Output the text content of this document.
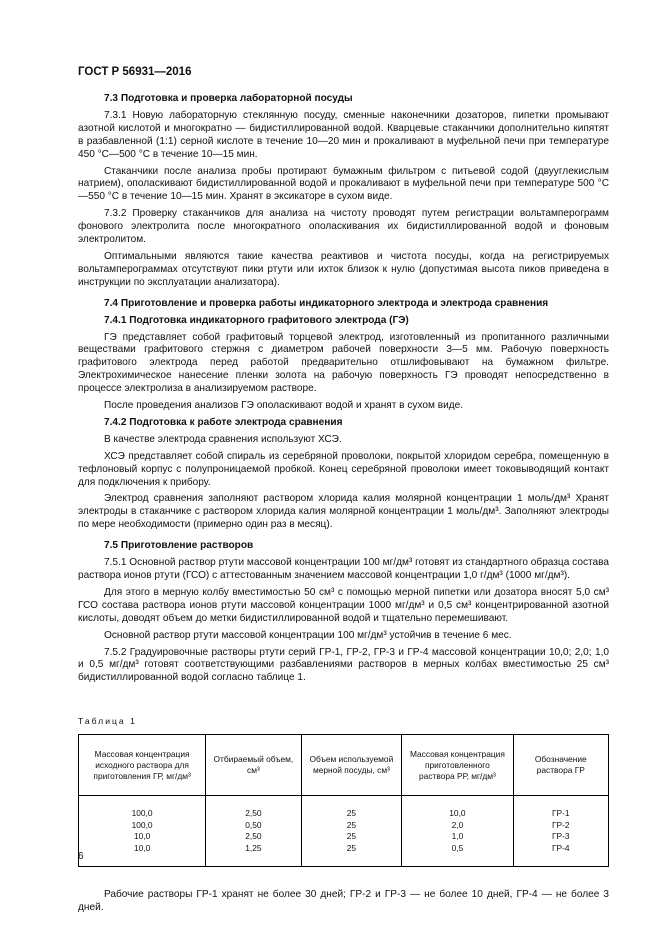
ГОСТ Р 56931—2016
7.3 Подготовка и проверка лабораторной посуды

7.3.1 Новую лабораторную стеклянную посуду, сменные наконечники дозаторов, пипетки промывают азотной кислотой и многократно — бидистиллированной водой. Кварцевые стаканчики дополнительно кипятят в разбавленной (1:1) серной кислоте в течение 10—20 мин и прокаливают в муфельной печи при температуре 450 °С—500 °С в течение 10—15 мин.

Стаканчики после анализа пробы протирают бумажным фильтром с питьевой содой (двууглекислым натрием), ополаскивают бидистиллированной водой и прокаливают в муфельной печи при температуре 500 °С—550 °С в течение 10—15 мин. Хранят в эксикаторе в сухом виде.

7.3.2 Проверку стаканчиков для анализа на чистоту проводят путем регистрации вольтамперограмм фонового электролита после многократного ополаскивания их бидистиллированной водой и фоновым электролитом.

Оптимальными являются такие качества реактивов и чистота посуды, когда на регистрируемых вольтамперограммах отсутствуют пики ртути или ихток близок к нулю (допустимая высота пиков приведена в инструкции по эксплуатации анализатора).

7.4 Приготовление и проверка работы индикаторного электрода и электрода сравнения
7.4.1 Подготовка индикаторного графитового электрода (ГЭ)

ГЭ представляет собой графитовый торцевой электрод, изготовленный из пропитанного различными веществами графитового стержня с диаметром рабочей поверхности 3—5 мм. Рабочую поверхность графитового электрода перед работой предварительно отшлифовывают на бумажном фильтре. Электрохимическое нанесение пленки золота на рабочую поверхность ГЭ проводят непосредственно в процессе электролиза в анализируемом растворе.

После проведения анализов ГЭ ополаскивают водой и хранят в сухом виде.

7.4.2 Подготовка к работе электрода сравнения

В качестве электрода сравнения используют ХСЭ.

ХСЭ представляет собой спираль из серебряной проволоки, покрытой хлоридом серебра, помещенную в тефлоновый корпус с полупроницаемой пробкой. Конец серебряной проволоки имеет токовыводящий контакт для подключения к прибору.

Электрод сравнения заполняют раствором хлорида калия молярной концентрации 1 моль/дм³ Хранят электроды в стаканчике с раствором хлорида калия молярной концентрации 1 моль/дм³. Заполняют электроды по мере необходимости (примерно один раз в месяц).

7.5 Приготовление растворов

7.5.1 Основной раствор ртути массовой концентрации 100 мг/дм³ готовят из стандартного образца состава раствора ионов ртути (ГСО) с аттестованным значением массовой концентрации 1,0 г/дм³ (1000 мг/дм³).

Для этого в мерную колбу вместимостью 50 см³ с помощью мерной пипетки или дозатора вносят 5,0 см³ ГСО состава раствора ионов ртути массовой концентрации 1000 мг/дм³ и 0,5 см³ концентрированной азотной кислоты, доводят объем до метки бидистиллированной водой и тщательно перемешивают.

Основной раствор ртути массовой концентрации 100 мг/дм³ устойчив в течение 6 мес.

7.5.2 Градуировочные растворы ртути серий ГР-1, ГР-2, ГР-3 и ГР-4 массовой концентрации 10,0; 2,0; 1,0 и 0,5 мг/дм³ готовят соответствующими разбавлениями растворов в мерных колбах вместимостью 25 см³ бидистиллированной водой согласно таблице 1.

Таблица 1
Массовая концентрация исходного раствора для приготовления ГР, мг/дм³	Отбираемый объем, см³	Объем используемой мерной посуды, см³	Массовая концентрация приготовленного раствора РР, мг/дм³	Обозначение раствора ГР
100,0	2,50	25	10,0	ГР-1
100,0	0,50	25	2,0	ГР-2
10,0	2,50	25	1,0	ГР-3
10,0	1,25	25	0,5	ГР-4

Рабочие растворы ГР-1 хранят не более 30 дней; ГР-2 и ГР-3 — не более 10 дней, ГР-4 — не более 3 дней.

6
